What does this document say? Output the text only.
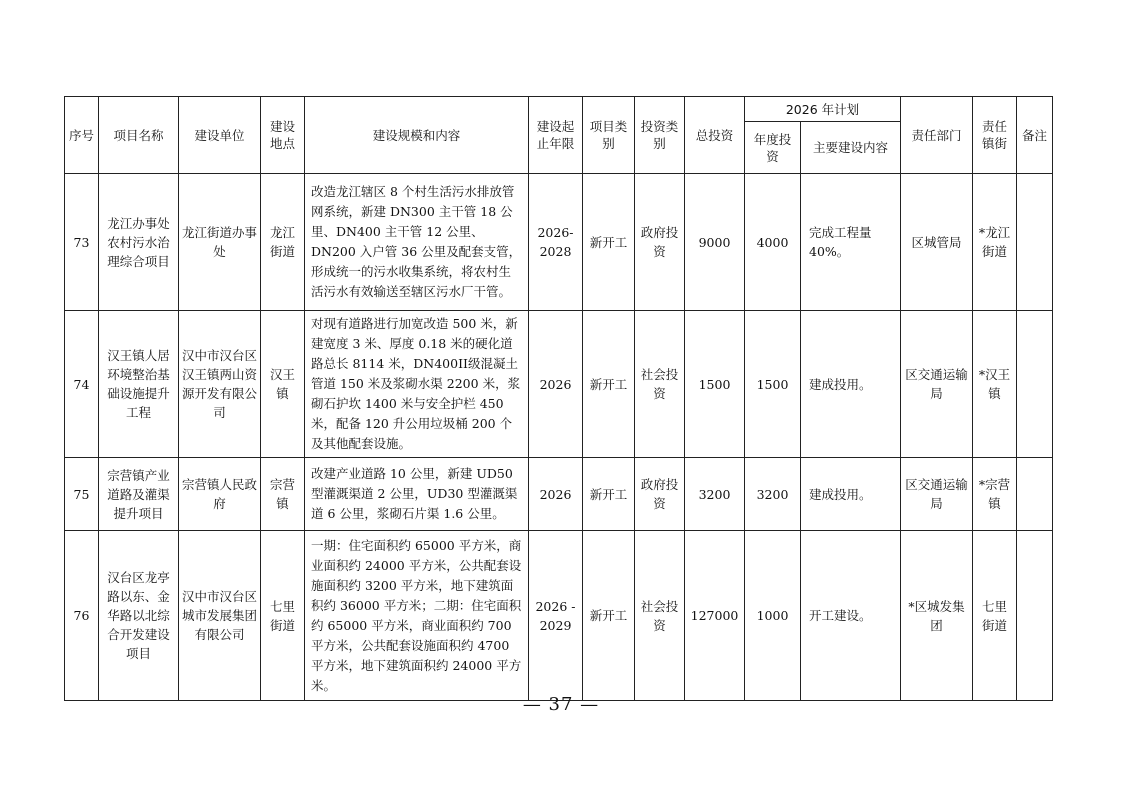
序号	项目名称	建设单位	建设地点	建设规模和内容	建设起止年限	项目类别	投资类别	总投资	2026 年计划		责任部门	责任镇街	备注
									年度投资	主要建设内容			
73	龙江办事处农村污水治理综合项目	龙江街道办事处	龙江街道	改造龙江辖区 8 个村生活污水排放管网系统，新建 DN300 主干管 18 公里、DN400 主干管 12 公里、DN200 入户管 36 公里及配套支管，形成统一的污水收集系统，将农村生活污水有效输送至辖区污水厂干管。	2026-2028	新开工	政府投资	9000	4000	完成工程量 40%。	区城管局	*龙江街道	
74	汉王镇人居环境整治基础设施提升工程	汉中市汉台区汉王镇两山资源开发有限公司	汉王镇	对现有道路进行加宽改造 500 米，新建宽度 3 米、厚度 0.18 米的硬化道路总长 8114 米，DN400II级混凝土管道 150 米及浆砌水渠 2200 米，浆砌石护坎 1400 米与安全护栏 450 米，配备 120 升公用垃圾桶 200 个及其他配套设施。	2026	新开工	社会投资	1500	1500	建成投用。	区交通运输局	*汉王镇	
75	宗营镇产业道路及灌渠提升项目	宗营镇人民政府	宗营镇	改建产业道路 10 公里，新建 UD50 型灌溉渠道 2 公里，UD30 型灌溉渠道 6 公里，浆砌石片渠 1.6 公里。	2026	新开工	政府投资	3200	3200	建成投用。	区交通运输局	*宗营镇	
76	汉台区龙亭路以东、金华路以北综合开发建设项目	汉中市汉台区城市发展集团有限公司	七里街道	一期：住宅面积约 65000 平方米，商业面积约 24000 平方米，公共配套设施面积约 3200 平方米，地下建筑面积约 36000 平方米；二期：住宅面积约 65000 平方米，商业面积约 700 平方米，公共配套设施面积约 4700 平方米，地下建筑面积约 24000 平方米。	2026 - 2029	新开工	社会投资	127000	1000	开工建设。	*区城发集团	七里街道	
— 37 —
